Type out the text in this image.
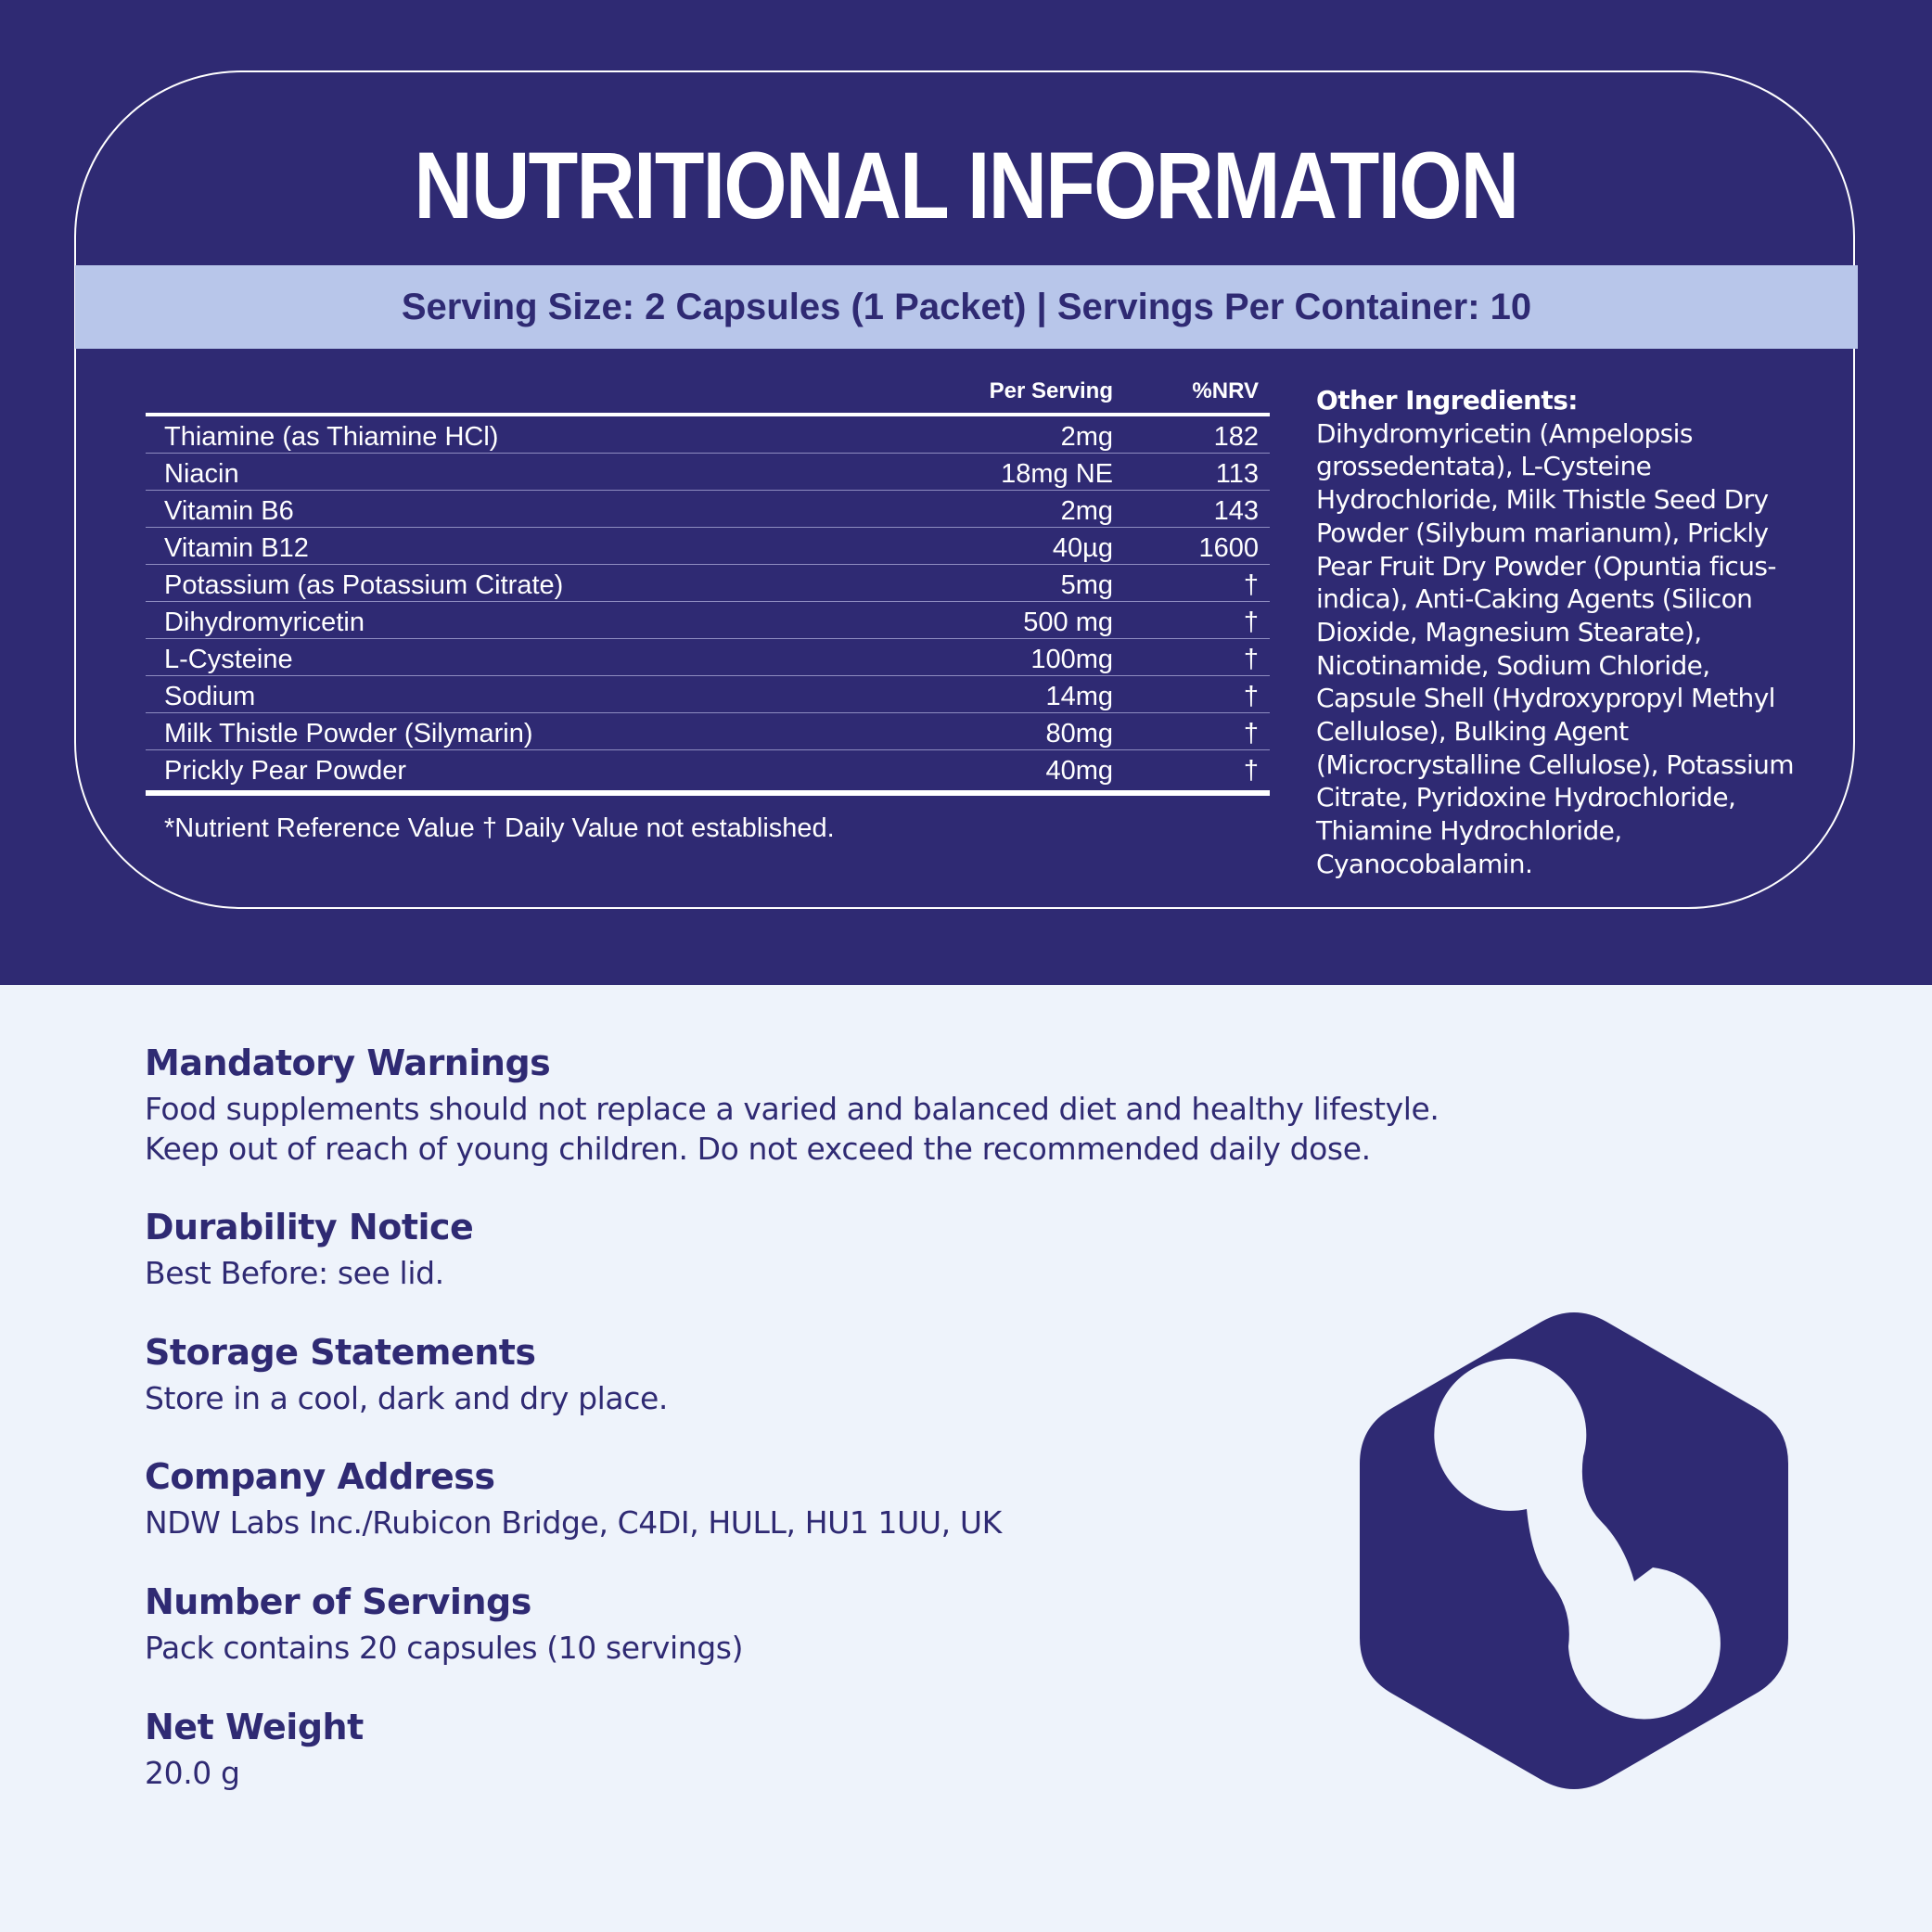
NUTRITIONAL INFORMATION
Serving Size: 2 Capsules (1 Packet) | Servings Per Container: 10
Per Serving	%NRV
Thiamine (as Thiamine HCl)	2mg	182
Niacin	18mg NE	113
Vitamin B6	2mg	143
Vitamin B12	40µg	1600
Potassium (as Potassium Citrate)	5mg	†
Dihydromyricetin	500 mg	†
L-Cysteine	100mg	†
Sodium	14mg	†
Milk Thistle Powder (Silymarin)	80mg	†
Prickly Pear Powder	40mg	†
*Nutrient Reference Value † Daily Value not established.
Other Ingredients: Dihydromyricetin (Ampelopsis grossedentata), L-Cysteine Hydrochloride, Milk Thistle Seed Dry Powder (Silybum marianum), Prickly Pear Fruit Dry Powder (Opuntia ficus-indica), Anti-Caking Agents (Silicon Dioxide, Magnesium Stearate), Nicotinamide, Sodium Chloride, Capsule Shell (Hydroxypropyl Methyl Cellulose), Bulking Agent (Microcrystalline Cellulose), Potassium Citrate, Pyridoxine Hydrochloride, Thiamine Hydrochloride, Cyanocobalamin.
Mandatory Warnings
Food supplements should not replace a varied and balanced diet and healthy lifestyle.
Keep out of reach of young children. Do not exceed the recommended daily dose.
Durability Notice
Best Before: see lid.
Storage Statements
Store in a cool, dark and dry place.
Company Address
NDW Labs Inc./Rubicon Bridge, C4DI, HULL, HU1 1UU, UK
Number of Servings
Pack contains 20 capsules (10 servings)
Net Weight
20.0 g
